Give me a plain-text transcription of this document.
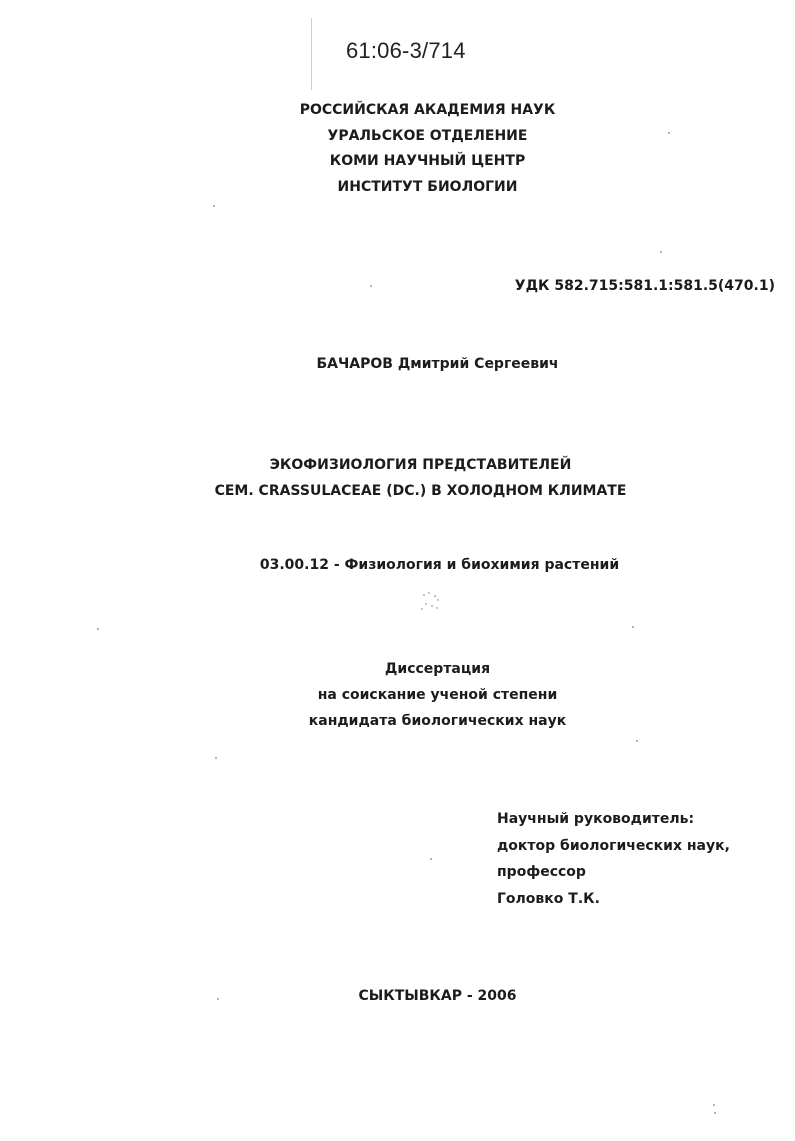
61:06-3/714
РОССИЙСКАЯ АКАДЕМИЯ НАУК
УРАЛЬСКОЕ ОТДЕЛЕНИЕ
КОМИ НАУЧНЫЙ ЦЕНТР
ИНСТИТУТ БИОЛОГИИ
УДК 582.715:581.1:581.5(470.1)
БАЧАРОВ Дмитрий Сергеевич
ЭКОФИЗИОЛОГИЯ ПРЕДСТАВИТЕЛЕЙ
СЕМ. CRASSULACEAE (DC.) В ХОЛОДНОМ КЛИМАТЕ
03.00.12 - Физиология и биохимия растений
Диссертация
на соискание ученой степени
кандидата биологических наук
Научный руководитель:
доктор биологических наук,
профессор
Головко Т.К.
СЫКТЫВКАР - 2006
